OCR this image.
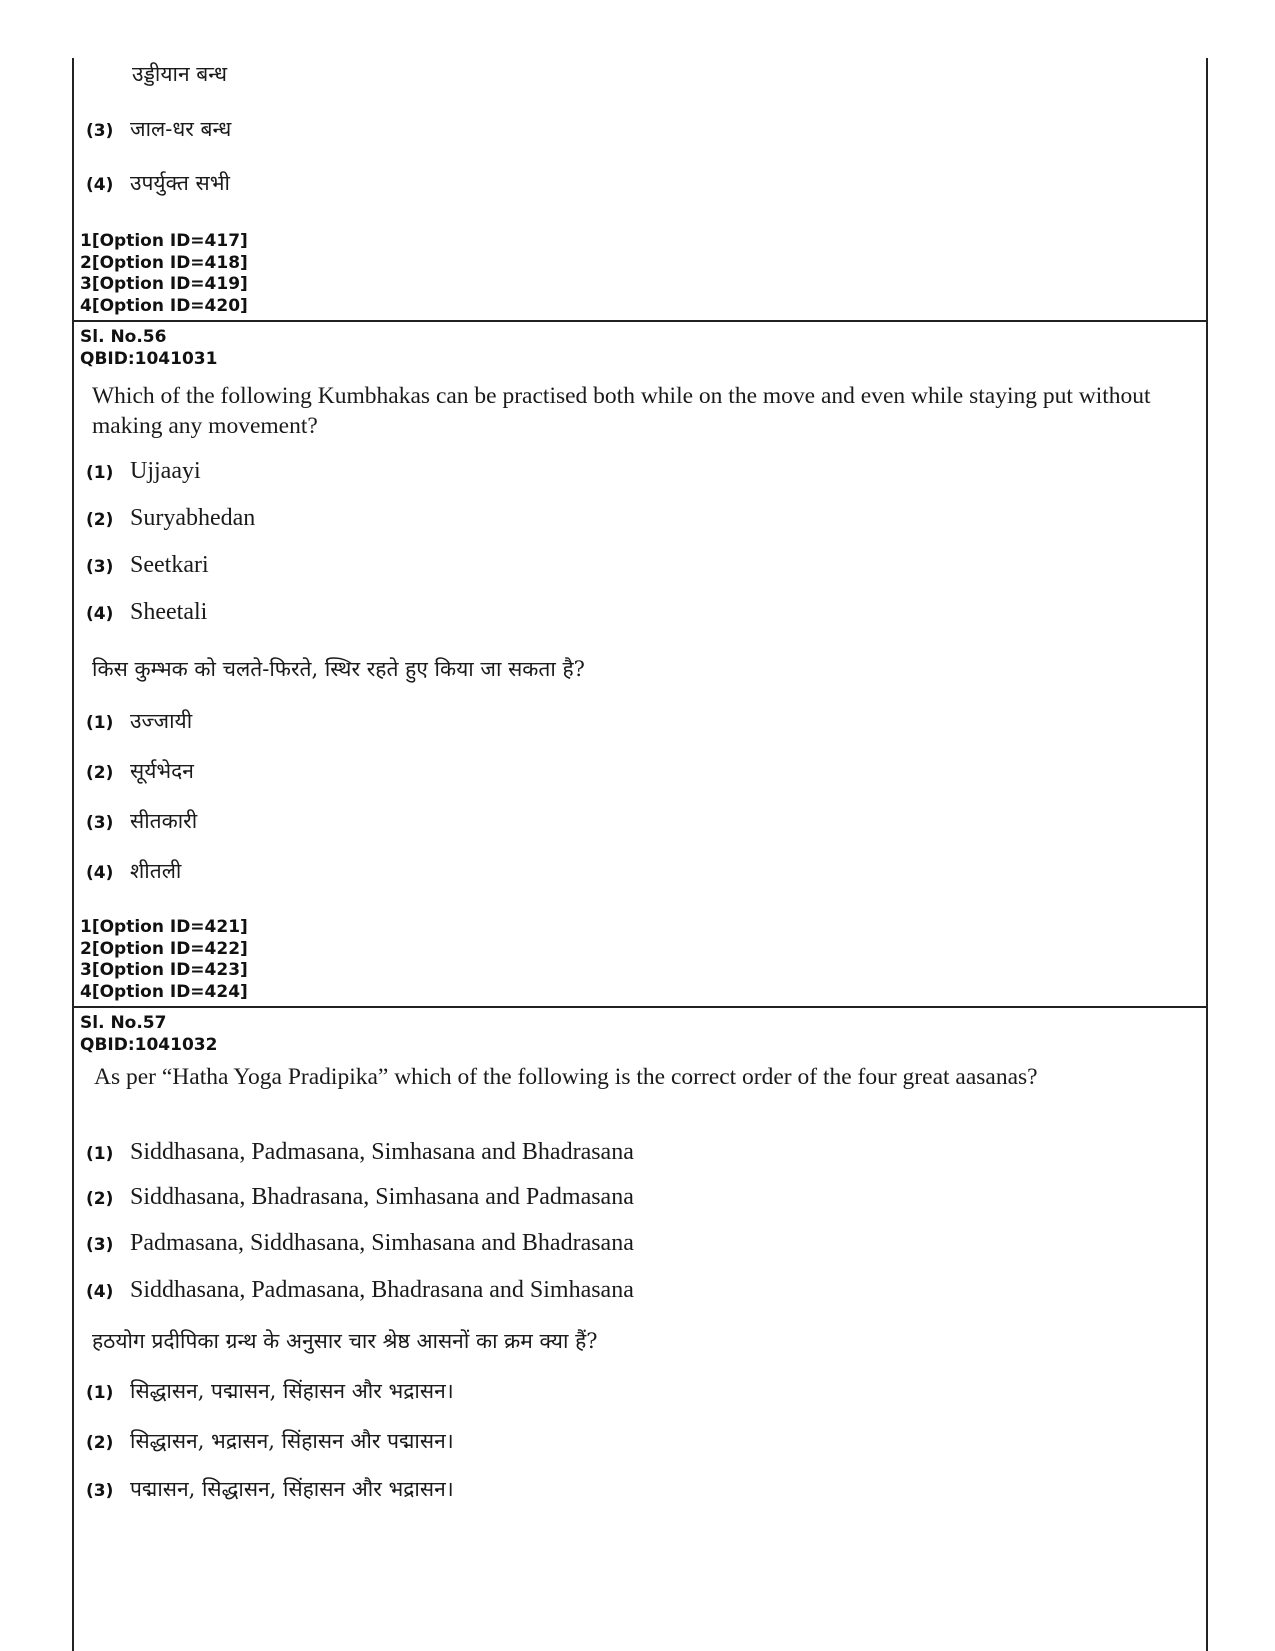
उड्डीयान बन्ध
(3) जाल-धर बन्ध
(4) उपर्युक्त सभी
1[Option ID=417]
2[Option ID=418]
3[Option ID=419]
4[Option ID=420]
Sl. No.56
QBID:1041031
Which of the following Kumbhakas can be practised both while on the move and even while staying put without making any movement?
(1) Ujjaayi
(2) Suryabhedan
(3) Seetkari
(4) Sheetali
किस कुम्भक को चलते-फिरते, स्थिर रहते हुए किया जा सकता है?
(1) उज्जायी
(2) सूर्यभेदन
(3) सीतकारी
(4) शीतली
1[Option ID=421]
2[Option ID=422]
3[Option ID=423]
4[Option ID=424]
Sl. No.57
QBID:1041032
As per “Hatha Yoga Pradipika” which of the following is the correct order of the four great aasanas?
(1) Siddhasana, Padmasana, Simhasana and Bhadrasana
(2) Siddhasana, Bhadrasana, Simhasana and Padmasana
(3) Padmasana, Siddhasana, Simhasana and Bhadrasana
(4) Siddhasana, Padmasana, Bhadrasana and Simhasana
हठयोग प्रदीपिका ग्रन्थ के अनुसार चार श्रेष्ठ आसनों का क्रम क्या हैं?
(1) सिद्धासन, पद्मासन, सिंहासन और भद्रासन।
(2) सिद्धासन, भद्रासन, सिंहासन और पद्मासन।
(3) पद्मासन, सिद्धासन, सिंहासन और भद्रासन।
